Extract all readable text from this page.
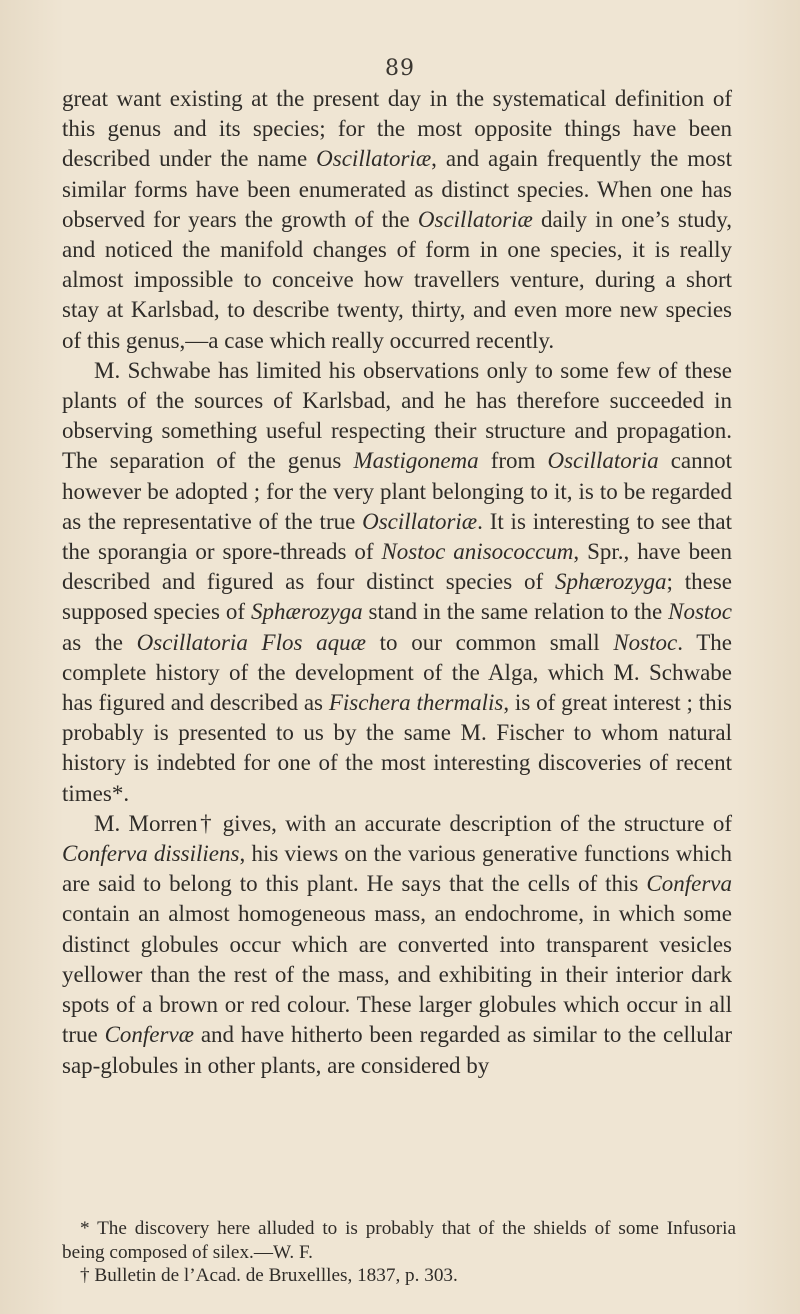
89

great want existing at the present day in the systematical definition of this genus and its species; for the most opposite things have been described under the name Oscillatoriæ, and again frequently the most similar forms have been enumerated as distinct species. When one has observed for years the growth of the Oscillatoriæ daily in one’s study, and noticed the manifold changes of form in one species, it is really almost impossible to conceive how travellers venture, during a short stay at Karlsbad, to describe twenty, thirty, and even more new species of this genus,—a case which really occurred recently.

M. Schwabe has limited his observations only to some few of these plants of the sources of Karlsbad, and he has therefore succeeded in observing something useful respecting their structure and propagation. The separation of the genus Mastigonema from Oscillatoria cannot however be adopted ; for the very plant belonging to it, is to be regarded as the representative of the true Oscillatoriæ. It is interesting to see that the sporangia or spore-threads of Nostoc anisococcum, Spr., have been described and figured as four distinct species of Sphærozyga; these supposed species of Sphærozyga stand in the same relation to the Nostoc as the Oscillatoria Flos aquæ to our common small Nostoc. The complete history of the development of the Alga, which M. Schwabe has figured and described as Fischera thermalis, is of great interest ; this probably is presented to us by the same M. Fischer to whom natural history is indebted for one of the most interesting discoveries of recent times*.

M. Morren† gives, with an accurate description of the structure of Conferva dissiliens, his views on the various generative functions which are said to belong to this plant. He says that the cells of this Conferva contain an almost homogeneous mass, an endochrome, in which some distinct globules occur which are converted into transparent vesicles yellower than the rest of the mass, and exhibiting in their interior dark spots of a brown or red colour. These larger globules which occur in all true Confervæ and have hitherto been regarded as similar to the cellular sap-globules in other plants, are considered by

* The discovery here alluded to is probably that of the shields of some Infusoria being composed of silex.—W. F.

† Bulletin de l’Acad. de Bruxellles, 1837, p. 303.
